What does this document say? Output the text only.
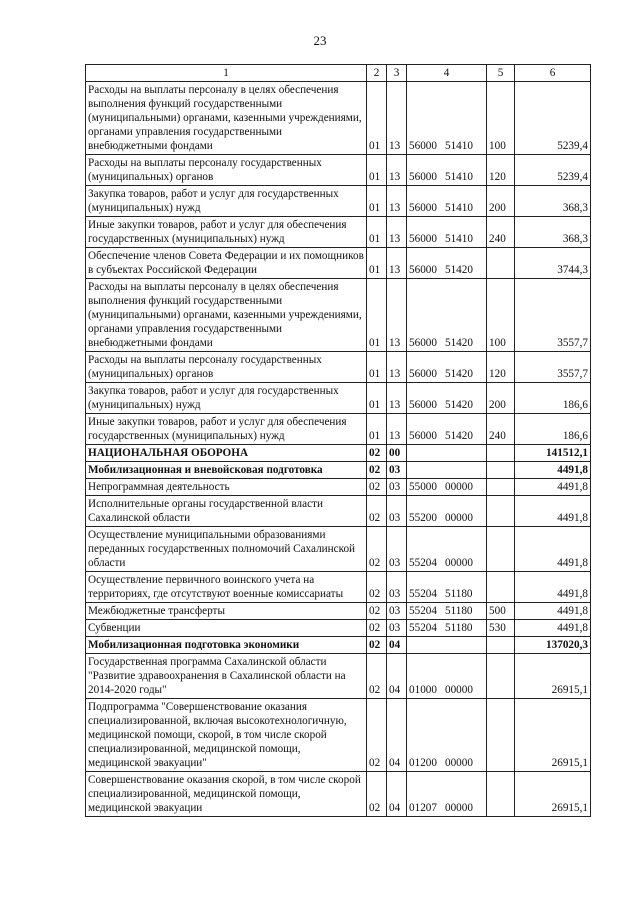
23
1	2	3	4	5	6
Расходы на выплаты персоналу в целях обеспечения выполнения функций государственными (муниципальными) органами, казенными учреждениями, органами управления государственными внебюджетными фондами	01	13	56000 51410	100	5239,4
Расходы на выплаты персоналу государственных (муниципальных) органов	01	13	56000 51410	120	5239,4
Закупка товаров, работ и услуг для государственных (муниципальных) нужд	01	13	56000 51410	200	368,3
Иные закупки товаров, работ и услуг для обеспечения государственных (муниципальных) нужд	01	13	56000 51410	240	368,3
Обеспечение членов Совета Федерации и их помощников в субъектах Российской Федерации	01	13	56000 51420		3744,3
Расходы на выплаты персоналу в целях обеспечения выполнения функций государственными (муниципальными) органами, казенными учреждениями, органами управления государственными внебюджетными фондами	01	13	56000 51420	100	3557,7
Расходы на выплаты персоналу государственных (муниципальных) органов	01	13	56000 51420	120	3557,7
Закупка товаров, работ и услуг для государственных (муниципальных) нужд	01	13	56000 51420	200	186,6
Иные закупки товаров, работ и услуг для обеспечения государственных (муниципальных) нужд	01	13	56000 51420	240	186,6
НАЦИОНАЛЬНАЯ ОБОРОНА	02	00			141512,1
Мобилизационная и вневойсковая подготовка	02	03			4491,8
Непрограммная деятельность	02	03	55000 00000		4491,8
Исполнительные органы государственной власти Сахалинской области	02	03	55200 00000		4491,8
Осуществление муниципальными образованиями переданных государственных полномочий Сахалинской области	02	03	55204 00000		4491,8
Осуществление первичного воинского учета на территориях, где отсутствуют военные комиссариаты	02	03	55204 51180		4491,8
Межбюджетные трансферты	02	03	55204 51180	500	4491,8
Субвенции	02	03	55204 51180	530	4491,8
Мобилизационная подготовка экономики	02	04			137020,3
Государственная программа Сахалинской области "Развитие здравоохранения в Сахалинской области на 2014-2020 годы"	02	04	01000 00000		26915,1
Подпрограмма "Совершенствование оказания специализированной, включая высокотехнологичную, медицинской помощи, скорой, в том числе скорой специализированной, медицинской помощи, медицинской эвакуации"	02	04	01200 00000		26915,1
Совершенствование оказания скорой, в том числе скорой специализированной, медицинской помощи, медицинской эвакуации	02	04	01207 00000		26915,1
